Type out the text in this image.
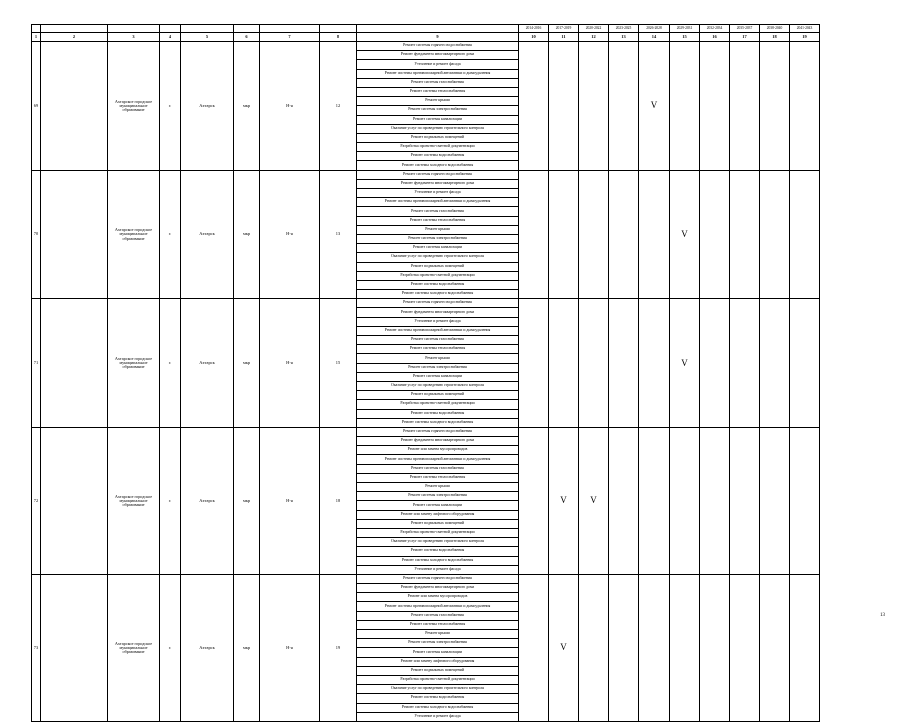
									2014-2016	2017-2019	2020-2022	2023-2025	2026-2028	2029-2031	2032-2034	2035-2037	2038-2040	2041-2043
1	2	3	4	5	6	7	8	9	10	11	12	13	14	15	16	17	18	19
69		Ахтарское городское муниципальное образование	г.	Ахтарск	мкр	Н-я	12	Ремонт системы горячего водоснабжения					V					
								Ремонт фундамента многоквартирного дома										
								Утепление и ремонт фасада										
								Ремонт системы противопожарной автоматики и дымоудаления										
								Ремонт системы газоснабжения										
								Ремонт системы теплоснабжения										
								Ремонт крыши										
								Ремонт системы электроснабжения										
								Ремонт системы канализации										
								Оказание услуг по проведению строительного контроля										
								Ремонт подвальных помещений										
								Разработка проектно-сметной документации										
								Ремонт системы водоснабжения										
								Ремонт системы холодного водоснабжения										
70		Ахтарское городское муниципальное образование	г.	Ахтарск	мкр	Н-я	13	Ремонт системы горячего водоснабжения						V				
								Ремонт фундамента многоквартирного дома										
								Утепление и ремонт фасада										
								Ремонт системы противопожарной автоматики и дымоудаления										
								Ремонт системы газоснабжения										
								Ремонт системы теплоснабжения										
								Ремонт крыши										
								Ремонт системы электроснабжения										
								Ремонт системы канализации										
								Оказание услуг по проведению строительного контроля										
								Ремонт подвальных помещений										
								Разработка проектно-сметной документации										
								Ремонт системы водоснабжения										
								Ремонт системы холодного водоснабжения										
71		Ахтарское городское муниципальное образование	г.	Ахтарск	мкр	Н-я	15	Ремонт системы горячего водоснабжения						V				
								Ремонт фундамента многоквартирного дома										
								Утепление и ремонт фасада										
								Ремонт системы противопожарной автоматики и дымоудаления										
								Ремонт системы газоснабжения										
								Ремонт системы теплоснабжения										
								Ремонт крыши										
								Ремонт системы электроснабжения										
								Ремонт системы канализации										
								Оказание услуг по проведению строительного контроля										
								Ремонт подвальных помещений										
								Разработка проектно-сметной документации										
								Ремонт системы водоснабжения										
								Ремонт системы холодного водоснабжения										
72		Ахтарское городское муниципальное образование	г.	Ахтарск	мкр	Н-я	18	Ремонт системы горячего водоснабжения		V	V							
								Ремонт фундамента многоквартирного дома										
								Ремонт или замена мусоропроводов										
								Ремонт системы противопожарной автоматики и дымоудаления										
								Ремонт системы газоснабжения										
								Ремонт системы теплоснабжения										
								Ремонт крыши										
								Ремонт системы электроснабжения										
								Ремонт системы канализации										
								Ремонт или замену лифтового оборудования										
								Ремонт подвальных помещений										
								Разработка проектно-сметной документации										
								Оказание услуг по проведению строительного контроля										
								Ремонт системы водоснабжения										
								Ремонт системы холодного водоснабжения										
								Утепление и ремонт фасада										
73		Ахтарское городское муниципальное образование	г.	Ахтарск	мкр	Н-я	19	Ремонт системы горячего водоснабжения		V								
								Ремонт фундамента многоквартирного дома										
								Ремонт или замена мусоропроводов										
								Ремонт системы противопожарной автоматики и дымоудаления										
								Ремонт системы газоснабжения										
								Ремонт системы теплоснабжения										
								Ремонт крыши										
								Ремонт системы электроснабжения										
								Ремонт системы канализации										
								Ремонт или замену лифтового оборудования										
								Ремонт подвальных помещений										
								Разработка проектно-сметной документации										
								Оказание услуг по проведению строительного контроля										
								Ремонт системы водоснабжения										
								Ремонт системы холодного водоснабжения										
								Утепление и ремонт фасада										
13
